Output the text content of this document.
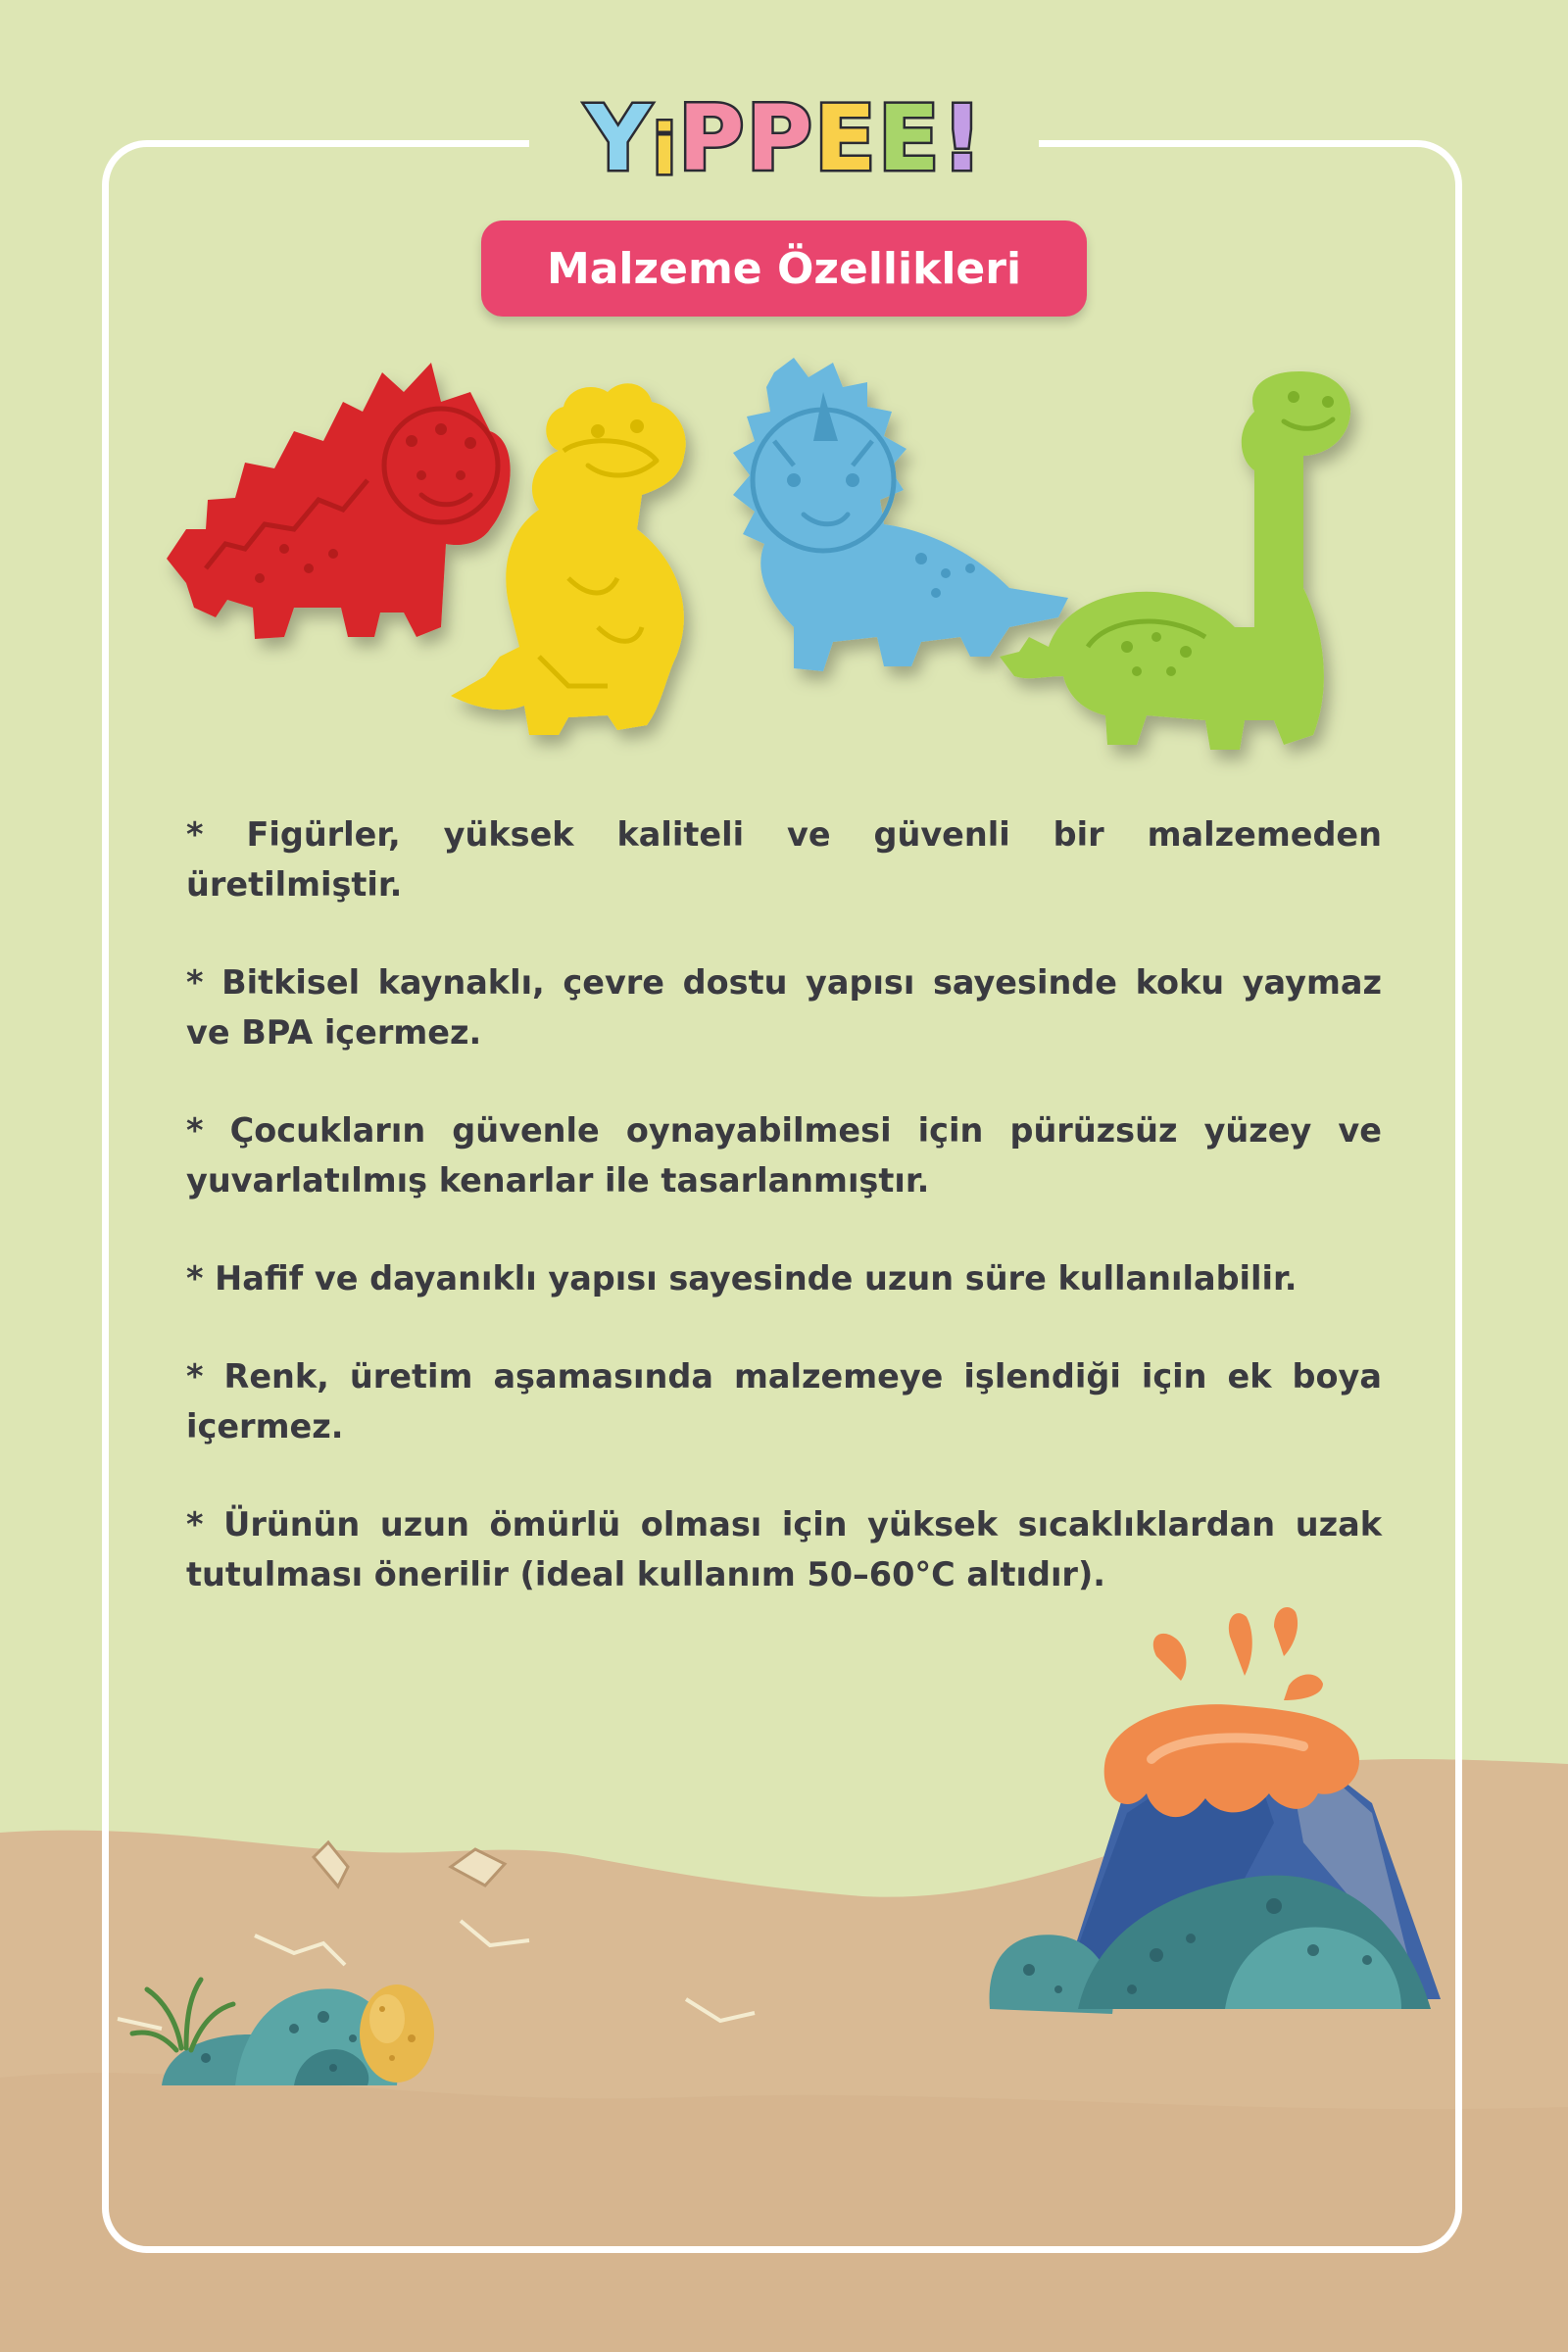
Y i P P E E !
Malzeme Özellikleri

* Figürler, yüksek kaliteli ve güvenli bir malzemeden üretilmiştir.

* Bitkisel kaynaklı, çevre dostu yapısı sayesinde koku yaymaz ve BPA içermez.

* Çocukların güvenle oynayabilmesi için pürüzsüz yüzey ve yuvarlatılmış kenarlar ile tasarlanmıştır.

* Hafif ve dayanıklı yapısı sayesinde uzun süre kullanılabilir.

* Renk, üretim aşamasında malzemeye işlendiği için ek boya içermez.

* Ürünün uzun ömürlü olması için yüksek sıcaklıklardan uzak tutulması önerilir (ideal kullanım 50–60°C altıdır).
